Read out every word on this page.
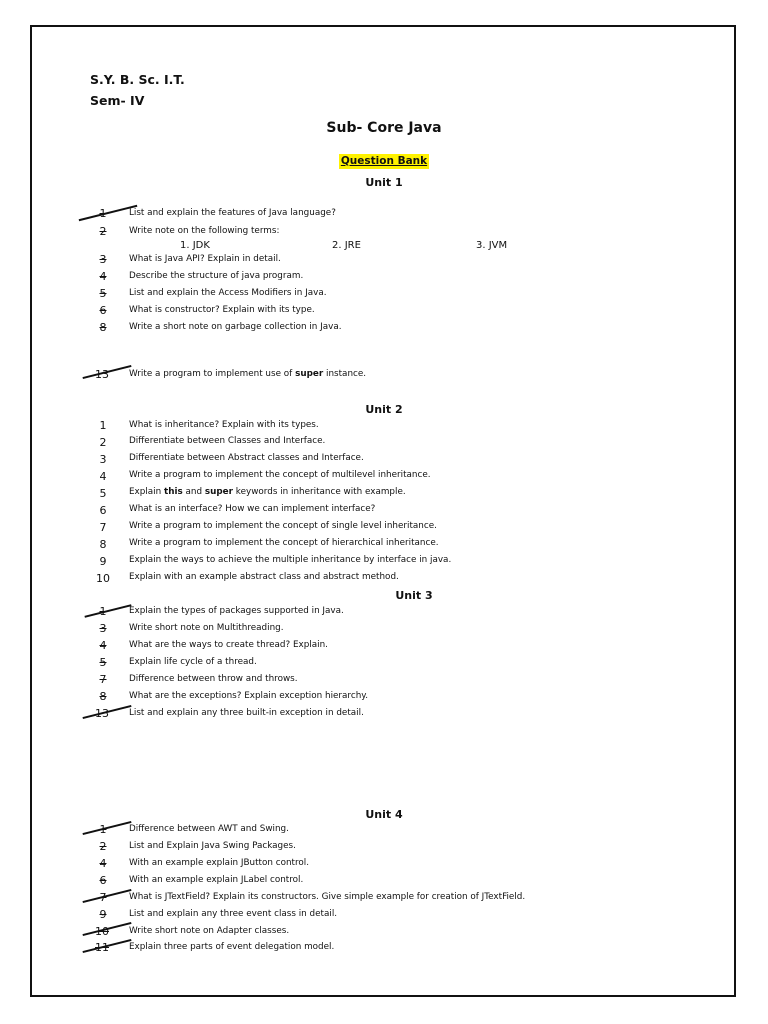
S.Y. B. Sc. I.T.
Sem- IV
Sub- Core Java
Question Bank
Unit 1
1	List and explain the features of Java language?
2	Write note on the following terms:
1. JDK	2. JRE	3. JVM
3	What is Java API? Explain in detail.
4	Describe the structure of java program.
5	List and explain the Access Modifiers in Java.
6	What is constructor? Explain with its type.
8	Write a short note on garbage collection in Java.
13	Write a program to implement use of super instance.
Unit 2
1	What is inheritance? Explain with its types.
2	Differentiate between Classes and Interface.
3	Differentiate between Abstract classes and Interface.
4	Write a program to implement the concept of multilevel inheritance.
5	Explain this and super keywords in inheritance with example.
6	What is an interface? How we can implement interface?
7	Write a program to implement the concept of single level inheritance.
8	Write a program to implement the concept of hierarchical inheritance.
9	Explain the ways to achieve the multiple inheritance by interface in java.
10	Explain with an example abstract class and abstract method.
Unit 3
1	Explain the types of packages supported in Java.
3	Write short note on Multithreading.
4	What are the ways to create thread? Explain.
5	Explain life cycle of a thread.
7	Difference between throw and throws.
8	What are the exceptions? Explain exception hierarchy.
13	List and explain any three built-in exception in detail.
Unit 4
1	Difference between AWT and Swing.
2	List and Explain Java Swing Packages.
4	With an example explain JButton control.
6	With an example explain JLabel control.
7	What is JTextField? Explain its constructors. Give simple example for creation of JTextField.
9	List and explain any three event class in detail.
10	Write short note on Adapter classes.
11	Explain three parts of event delegation model.
